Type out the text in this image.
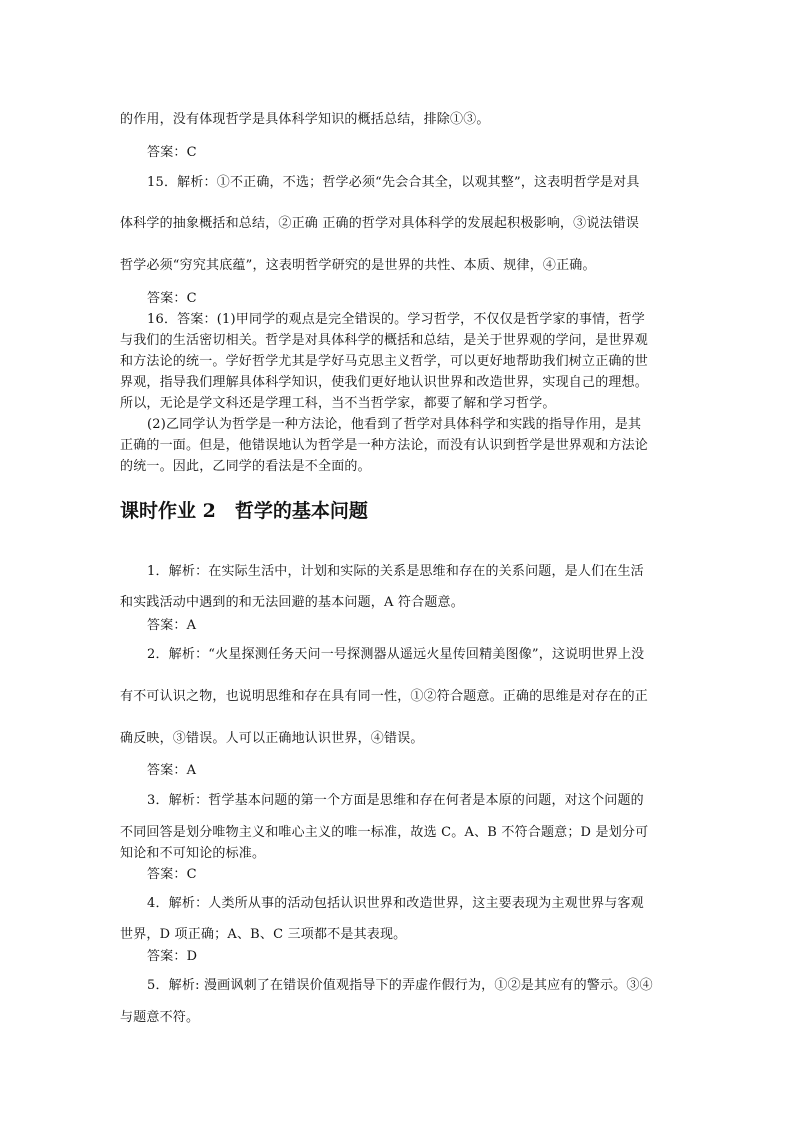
课时作业 2　哲学的基本问题
的作用，没有体现哲学是具体科学知识的概括总结，排除①③。
答案：C
15．解析：①不正确，不选；哲学必须“先会合其全，以观其整”，这表明哲学是对具
体科学的抽象概括和总结，②正确 正确的哲学对具体科学的发展起积极影响，③说法错误
哲学必须“穷究其底蕴”，这表明哲学研究的是世界的共性、本质、规律，④正确。
答案：C
16．答案：(1)甲同学的观点是完全错误的。学习哲学，不仅仅是哲学家的事情，哲学
与我们的生活密切相关。哲学是对具体科学的概括和总结，是关于世界观的学问，是世界观
和方法论的统一。学好哲学尤其是学好马克思主义哲学，可以更好地帮助我们树立正确的世
界观，指导我们理解具体科学知识，使我们更好地认识世界和改造世界，实现自己的理想。
所以，无论是学文科还是学理工科，当不当哲学家，都要了解和学习哲学。
(2)乙同学认为哲学是一种方法论，他看到了哲学对具体科学和实践的指导作用，是其
正确的一面。但是，他错误地认为哲学是一种方法论，而没有认识到哲学是世界观和方法论
的统一。因此，乙同学的看法是不全面的。
1．解析：在实际生活中，计划和实际的关系是思维和存在的关系问题，是人们在生活
和实践活动中遇到的和无法回避的基本问题，A 符合题意。
答案：A
2．解析：“火星探测任务天问一号探测器从遥远火星传回精美图像”，这说明世界上没
有不可认识之物，也说明思维和存在具有同一性，①②符合题意。正确的思维是对存在的正
确反映，③错误。人可以正确地认识世界，④错误。
答案：A
3．解析：哲学基本问题的第一个方面是思维和存在何者是本原的问题，对这个问题的
不同回答是划分唯物主义和唯心主义的唯一标准，故选 C。A、B 不符合题意；D 是划分可
知论和不可知论的标准。
答案：C
4．解析：人类所从事的活动包括认识世界和改造世界，这主要表现为主观世界与客观
世界，D 项正确；A、B、C 三项都不是其表现。
答案：D
5．解析: 漫画讽刺了在错误价值观指导下的弄虚作假行为，①②是其应有的警示。③④
与题意不符。
